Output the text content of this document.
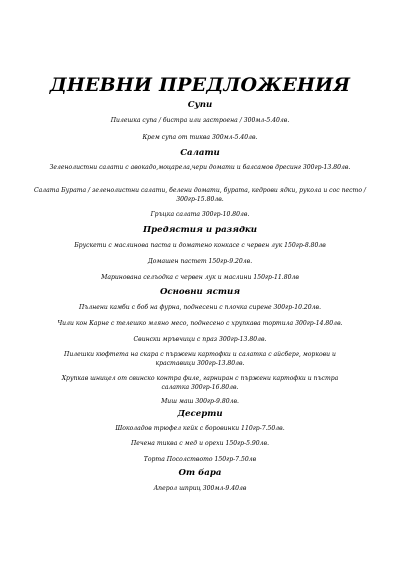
ДНЕВНИ ПРЕДЛОЖЕНИЯ
Супи
Пилешка супа / бистра или застроена / 300мл-5.40лв.
Крем супа от тиква 300мл-5.40лв.
Салати
Зеленолистни салати с авокадо,моцарела,чери домати и балсамов дресинг 300гр-13.80лв.
Салата Бурата / зеленолистни салати, белени домати, бурата, кедрови ядки, рукола и сос песто / 300гр-15.80лв.
Гръцка салата 300гр-10.80лв.
Предястия и разядки
Брускети с маслинова паста и доматено конкасе с червен лук 150гр-8.80лв
Домашен пастет 150гр-9.20лв.
Маринована селъодка с червен лук и маслини 150гр-11.80лв
Основни ястия
Пълнени камби с боб на фурна, поднесени с плочка сирене 300гр-10.20лв.
Чили кон Карне с телешко мляно месо, поднесено с хрупкава тортила 300гр-14.80лв.
Свински мръвчици с праз 300гр-13.80лв.
Пилешки кюфтета на скара с пържени картофки и салатка с айсберг, моркови и краставици 300гр-13.80лв.
Хрупкав шницел от свинско контра филе, гарниран с пържени картофки и пъстра салатка 300гр-16.80лв.
Миш маш 300гр-9.80лв.
Десерти
Шоколадов трюфел кейк с боровинки 110гр-7.50лв.
Печена тиква с мед и орехи 150гр-5.90лв.
Торта Посолството 150гр-7.50лв
От бара
Аперол шприц 300мл-9.40лв
